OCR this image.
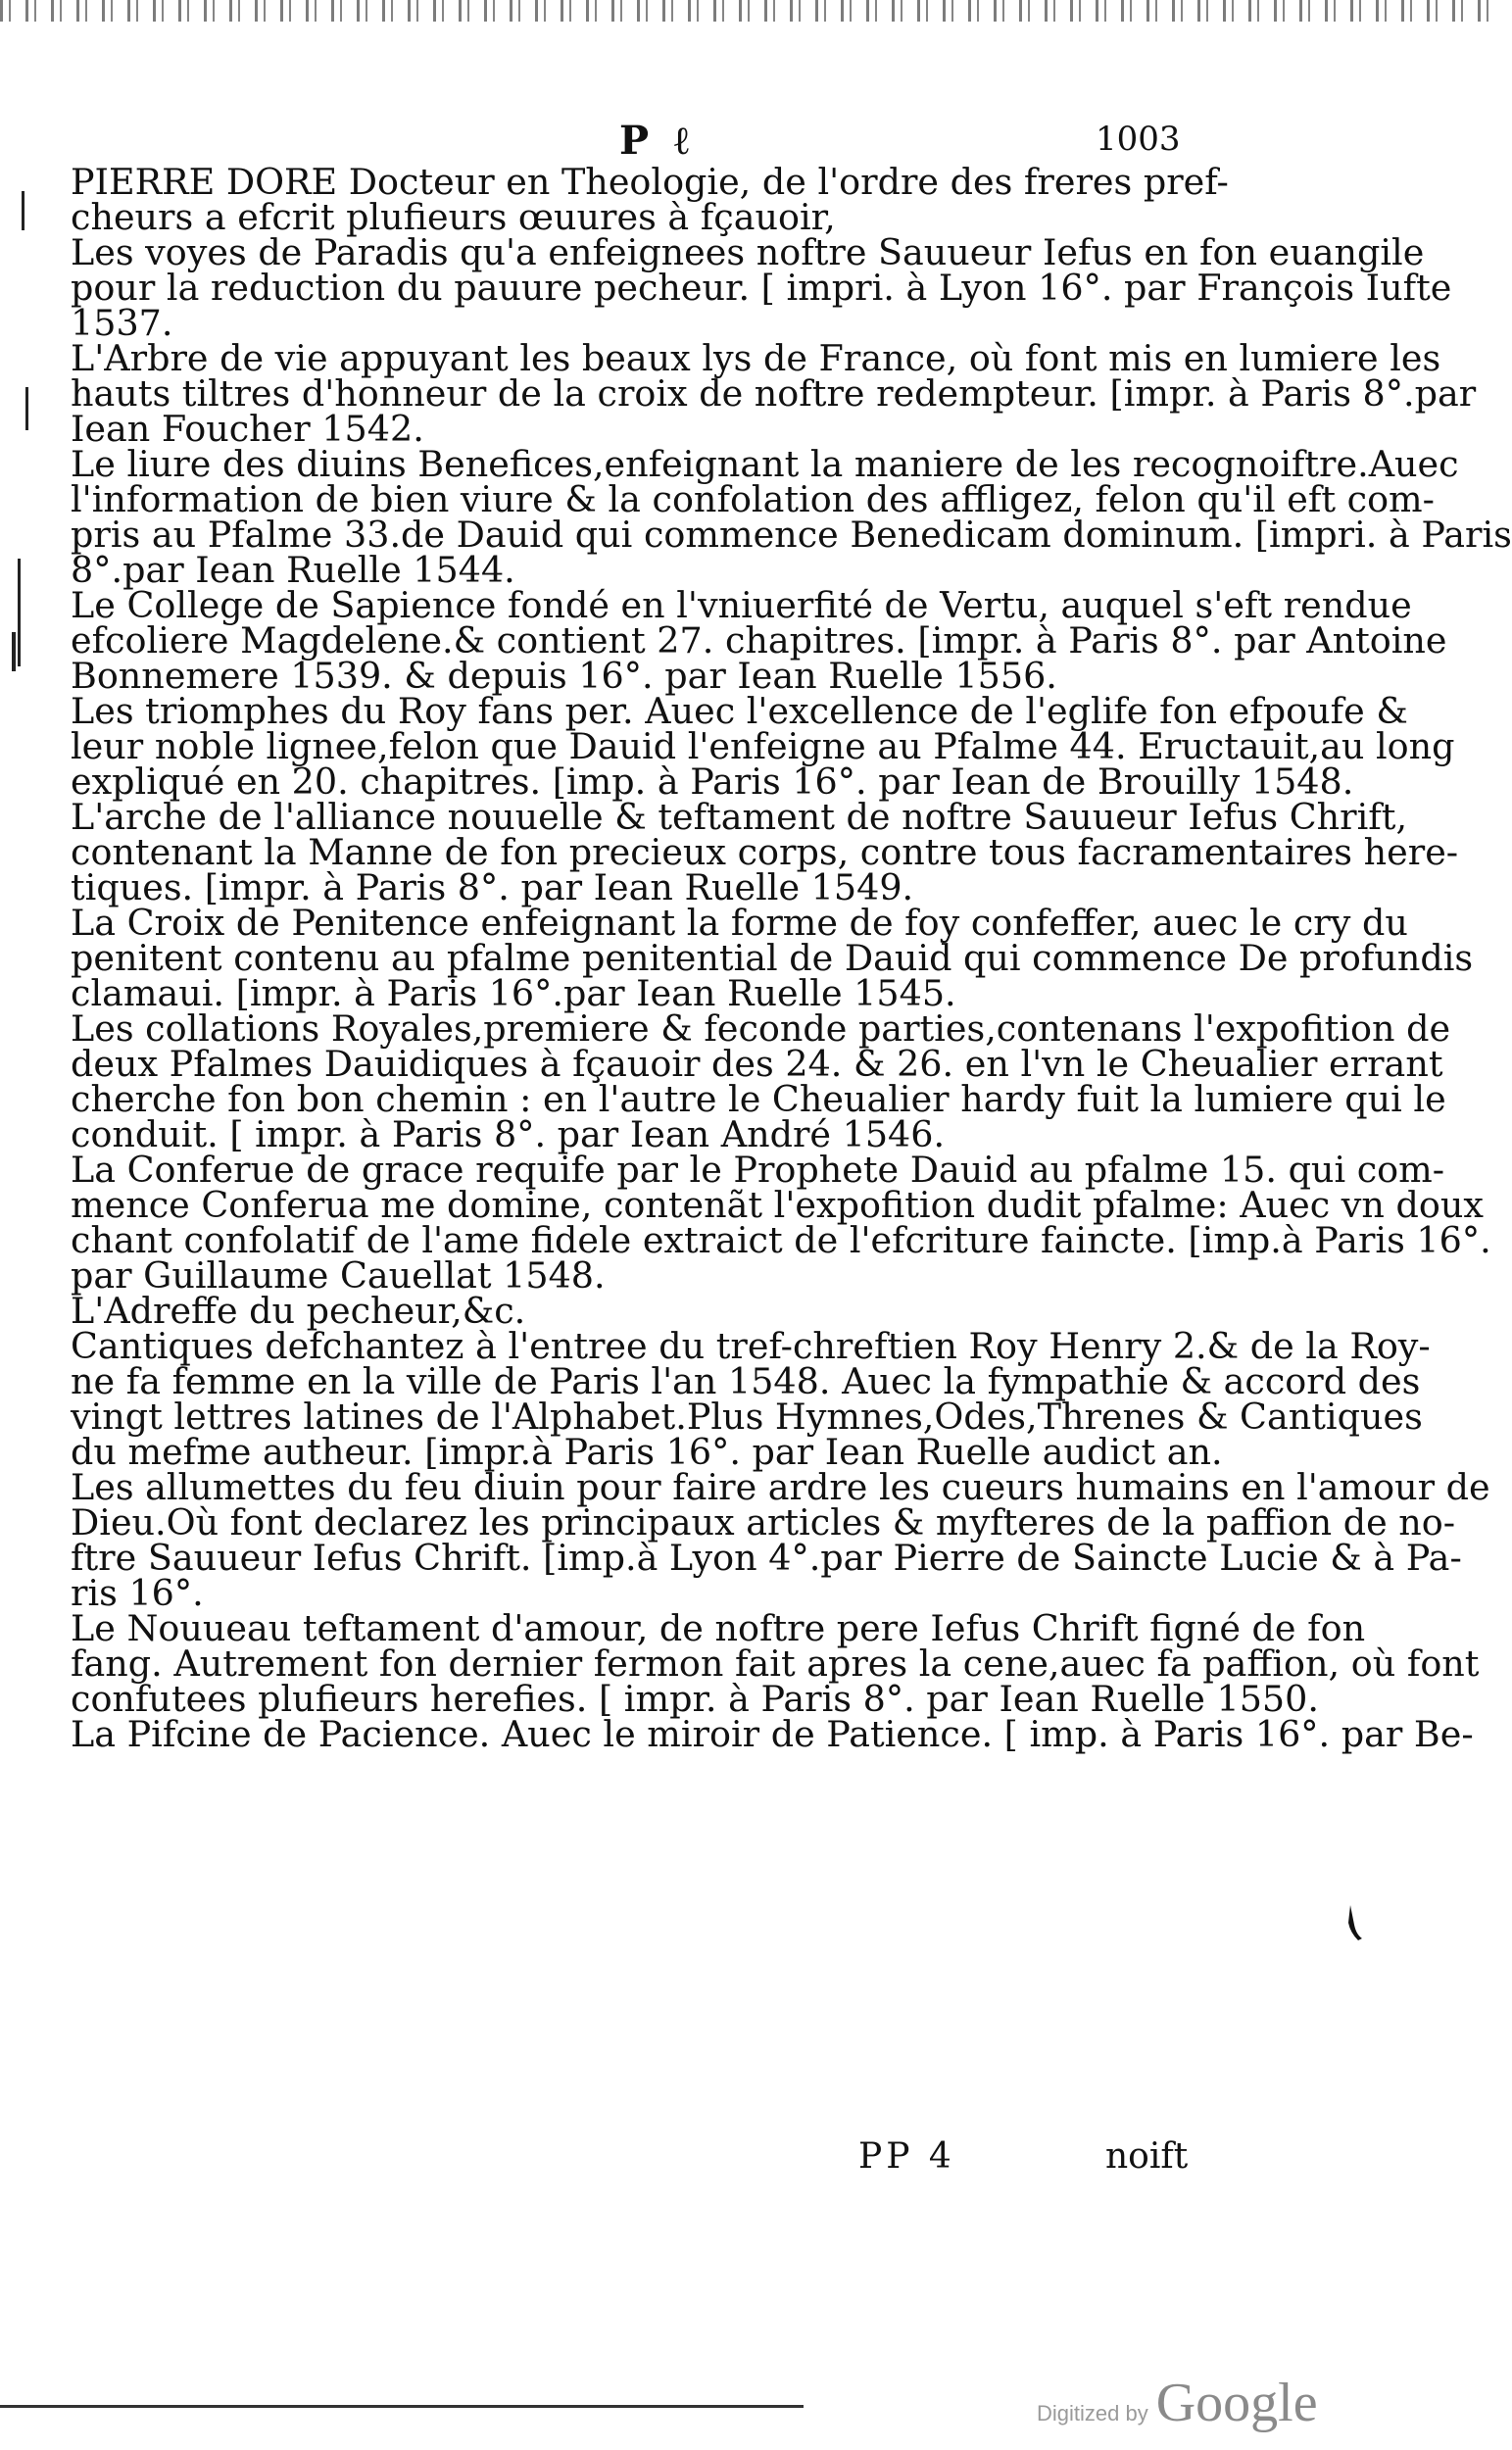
P ℓ	1003
PIERRE DORE Docteur en Theologie, de l'ordre des freres pref-
cheurs a efcrit plufieurs œuures à fçauoir,
Les voyes de Paradis qu'a enfeignees noftre Sauueur Iefus en fon euangile
pour la reduction du pauure pecheur. [ impri. à Lyon 16°. par François Iufte
1537.
L'Arbre de vie appuyant les beaux lys de France, où font mis en lumiere les
hauts tiltres d'honneur de la croix de noftre redempteur. [impr. à Paris 8°.par
Iean Foucher 1542.
Le liure des diuins Benefices,enfeignant la maniere de les recognoiftre.Auec
l'information de bien viure & la confolation des affligez, felon qu'il eft com-
pris au Pfalme 33.de Dauid qui commence Benedicam dominum. [impri. à Paris
8°.par Iean Ruelle 1544.
Le College de Sapience fondé en l'vniuerfité de Vertu, auquel s'eft rendue
efcoliere Magdelene.& contient 27. chapitres. [impr. à Paris 8°. par Antoine
Bonnemere 1539. & depuis 16°. par Iean Ruelle 1556.
Les triomphes du Roy fans per. Auec l'excellence de l'eglife fon efpoufe &
leur noble lignee,felon que Dauid l'enfeigne au Pfalme 44. Eructauit,au long
expliqué en 20. chapitres. [imp. à Paris 16°. par Iean de Brouilly 1548.
L'arche de l'alliance nouuelle & teftament de noftre Sauueur Iefus Chrift,
contenant la Manne de fon precieux corps, contre tous facramentaires here-
tiques. [impr. à Paris 8°. par Iean Ruelle 1549.
La Croix de Penitence enfeignant la forme de foy confeffer, auec le cry du
penitent contenu au pfalme penitential de Dauid qui commence De profundis
clamaui. [impr. à Paris 16°.par Iean Ruelle 1545.
Les collations Royales,premiere & feconde parties,contenans l'expofition de
deux Pfalmes Dauidiques à fçauoir des 24. & 26. en l'vn le Cheualier errant
cherche fon bon chemin : en l'autre le Cheualier hardy fuit la lumiere qui le
conduit. [ impr. à Paris 8°. par Iean André 1546.
La Conferue de grace requife par le Prophete Dauid au pfalme 15. qui com-
mence Conferua me domine, contenãt l'expofition dudit pfalme: Auec vn doux
chant confolatif de l'ame fidele extraict de l'efcriture faincte. [imp.à Paris 16°.
par Guillaume Cauellat 1548.
L'Adreffe du pecheur,&c.
Cantiques defchantez à l'entree du tref-chreftien Roy Henry 2.& de la Roy-
ne fa femme en la ville de Paris l'an 1548. Auec la fympathie & accord des
vingt lettres latines de l'Alphabet.Plus Hymnes,Odes,Threnes & Cantiques
du mefme autheur. [impr.à Paris 16°. par Iean Ruelle audict an.
Les allumettes du feu diuin pour faire ardre les cueurs humains en l'amour de
Dieu.Où font declarez les principaux articles & myfteres de la paffion de no-
ftre Sauueur Iefus Chrift. [imp.à Lyon 4°.par Pierre de Saincte Lucie & à Pa-
ris 16°.
Le Nouueau teftament d'amour, de noftre pere Iefus Chrift figné de fon
fang. Autrement fon dernier fermon fait apres la cene,auec fa paffion, où font
confutees plufieurs herefies. [ impr. à Paris 8°. par Iean Ruelle 1550.
La Pifcine de Pacience. Auec le miroir de Patience. [ imp. à Paris 16°. par Be-
PP 4	noift
Digitized by Google
